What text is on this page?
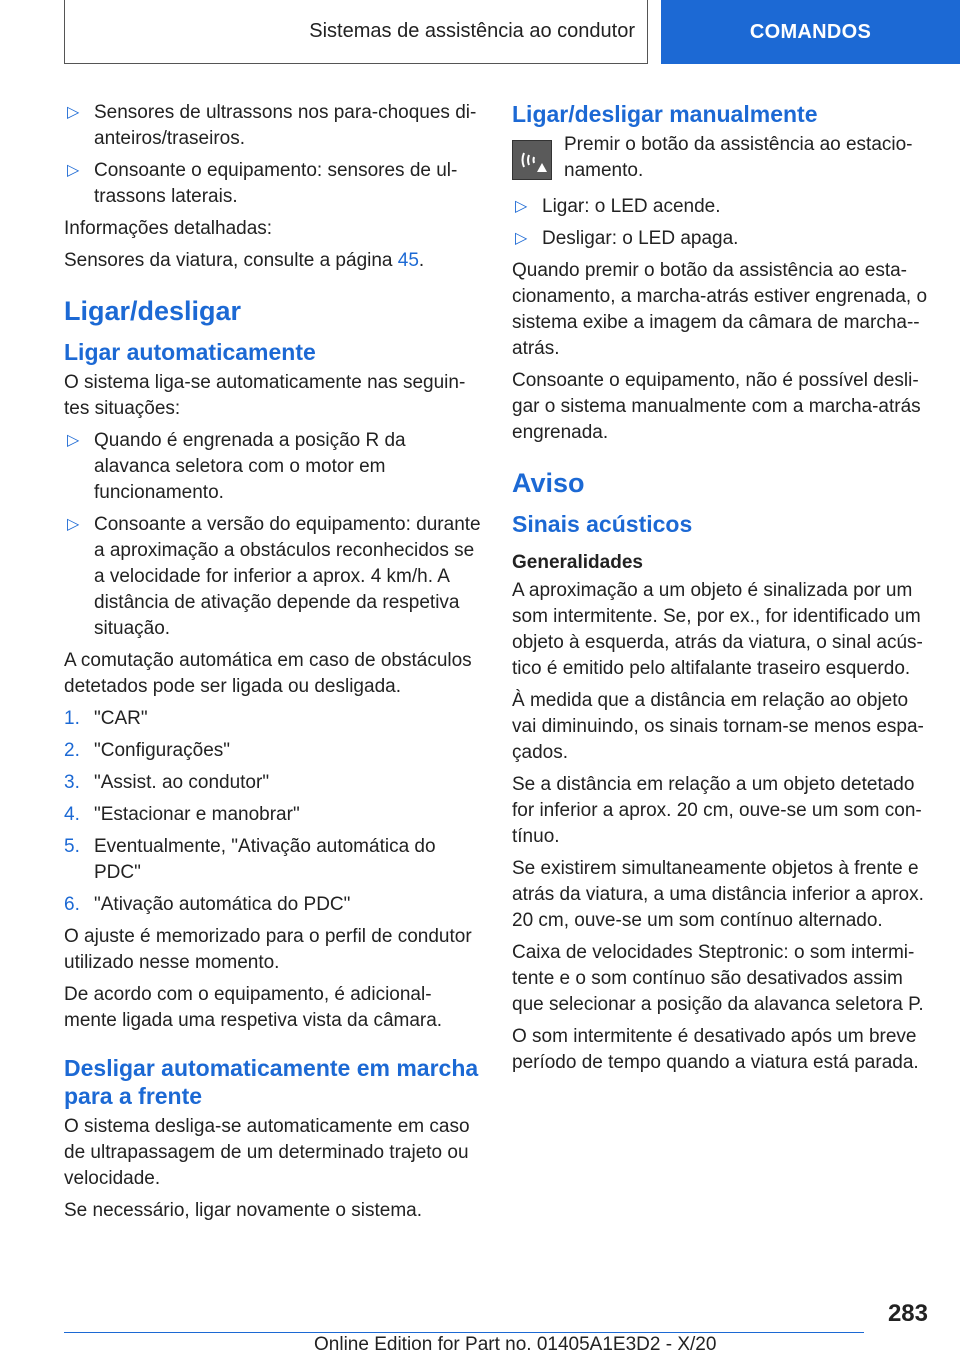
Sistemas de assistência ao condutor	COMANDOS
▷ Sensores de ultrassons nos para-choques di-anteiros/traseiros.
▷ Consoante o equipamento: sensores de ul-trassons laterais.

Informações detalhadas:

Sensores da viatura, consulte a página 45.

Ligar/desligar
Ligar automaticamente

O sistema liga-se automaticamente nas seguin-tes situações:

▷ Quando é engrenada a posição R da alavanca seletora com o motor em funcionamento.
▷ Consoante a versão do equipamento: durante a aproximação a obstáculos reconhecidos se a velocidade for inferior a aprox. 4 km/h. A distância de ativação depende da respetiva situação.

A comutação automática em caso de obstáculos detetados pode ser ligada ou desligada.

1. "CAR"
2. "Configurações"
3. "Assist. ao condutor"
4. "Estacionar e manobrar"
5. Eventualmente, "Ativação automática do PDC"
6. "Ativação automática do PDC"

O ajuste é memorizado para o perfil de condutor utilizado nesse momento.

De acordo com o equipamento, é adicional-mente ligada uma respetiva vista da câmara.

Desligar automaticamente em marcha para a frente

O sistema desliga-se automaticamente em caso de ultrapassagem de um determinado trajeto ou velocidade.

Se necessário, ligar novamente o sistema.

Ligar/desligar manualmente
Premir o botão da assistência ao estacio-namento.
▷ Ligar: o LED acende.
▷ Desligar: o LED apaga.

Quando premir o botão da assistência ao esta-cionamento, a marcha-atrás estiver engrenada, o sistema exibe a imagem da câmara de marcha--atrás.

Consoante o equipamento, não é possível desli-gar o sistema manualmente com a marcha-atrás engrenada.

Aviso
Sinais acústicos
Generalidades

A aproximação a um objeto é sinalizada por um som intermitente. Se, por ex., for identificado um objeto à esquerda, atrás da viatura, o sinal acús-tico é emitido pelo altifalante traseiro esquerdo.

À medida que a distância em relação ao objeto vai diminuindo, os sinais tornam-se menos espa-çados.

Se a distância em relação a um objeto detetado for inferior a aprox. 20 cm, ouve-se um som con-tínuo.

Se existirem simultaneamente objetos à frente e atrás da viatura, a uma distância inferior a aprox. 20 cm, ouve-se um som contínuo alternado.

Caixa de velocidades Steptronic: o som intermi-tente e o som contínuo são desativados assim que selecionar a posição da alavanca seletora P.

O som intermitente é desativado após um breve período de tempo quando a viatura está parada.

283
Online Edition for Part no. 01405A1E3D2 - X/20
